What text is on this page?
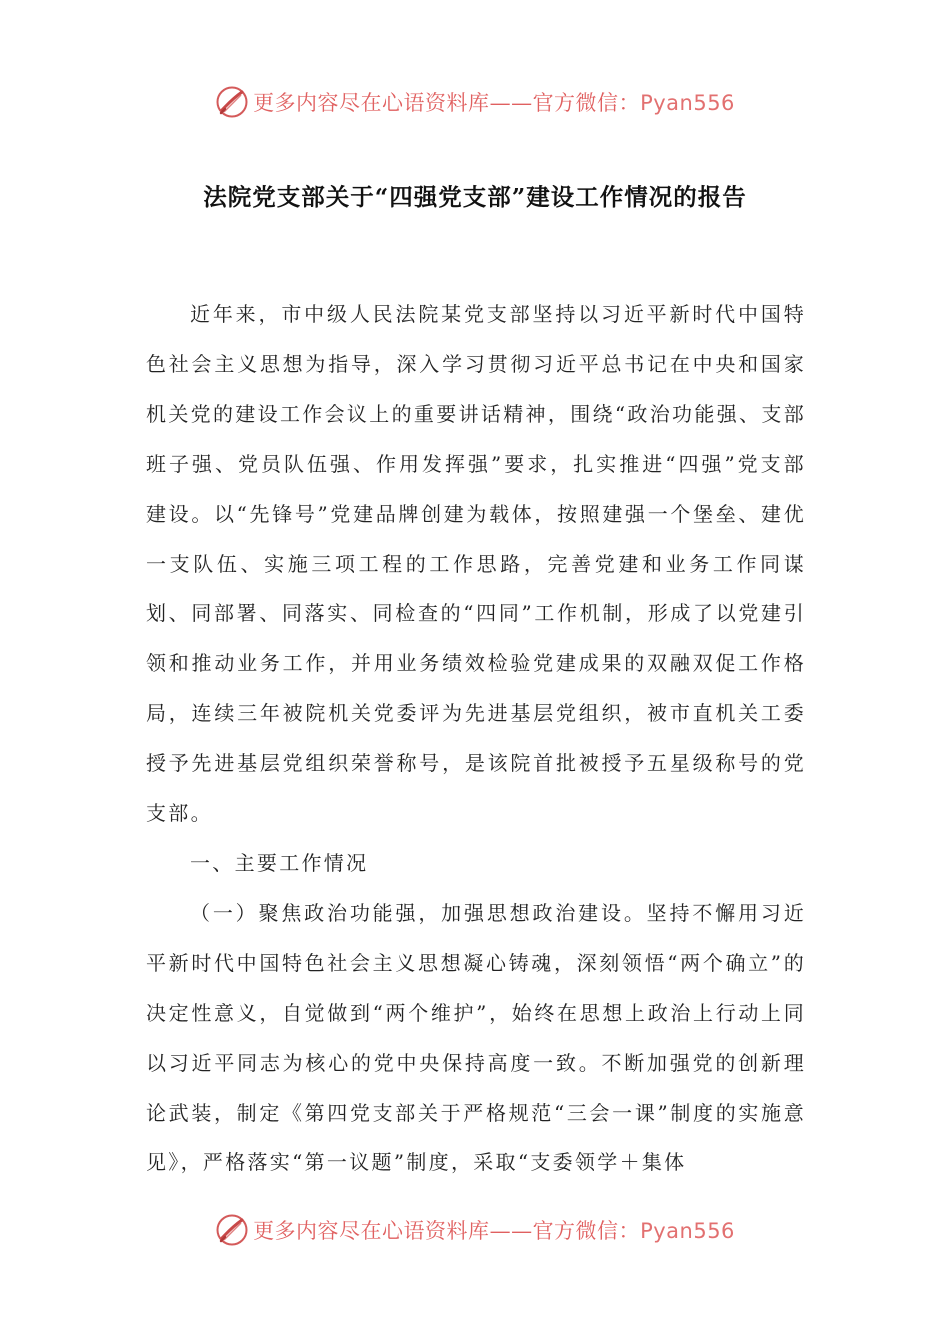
更多内容尽在心语资料库——官方微信：Pyan556
法院党支部关于“四强党支部”建设工作情况的报告

近年来，市中级人民法院某党支部坚持以习近平新时代中国特色社会主义思想为指导，深入学习贯彻习近平总书记在中央和国家机关党的建设工作会议上的重要讲话精神，围绕“政治功能强、支部班子强、党员队伍强、作用发挥强”要求，扎实推进“四强”党支部建设。以“先锋号”党建品牌创建为载体，按照建强一个堡垒、建优一支队伍、实施三项工程的工作思路，完善党建和业务工作同谋划、同部署、同落实、同检查的“四同”工作机制，形成了以党建引领和推动业务工作，并用业务绩效检验党建成果的双融双促工作格局，连续三年被院机关党委评为先进基层党组织，被市直机关工委授予先进基层党组织荣誉称号，是该院首批被授予五星级称号的党支部。

一、主要工作情况

（一）聚焦政治功能强，加强思想政治建设。坚持不懈用习近平新时代中国特色社会主义思想凝心铸魂，深刻领悟“两个确立”的决定性意义，自觉做到“两个维护”，始终在思想上政治上行动上同以习近平同志为核心的党中央保持高度一致。不断加强党的创新理论武装，制定《第四党支部关于严格规范“三会一课”制度的实施意见》，严格落实“第一议题”制度，采取“支委领学＋集体

更多内容尽在心语资料库——官方微信：Pyan556
